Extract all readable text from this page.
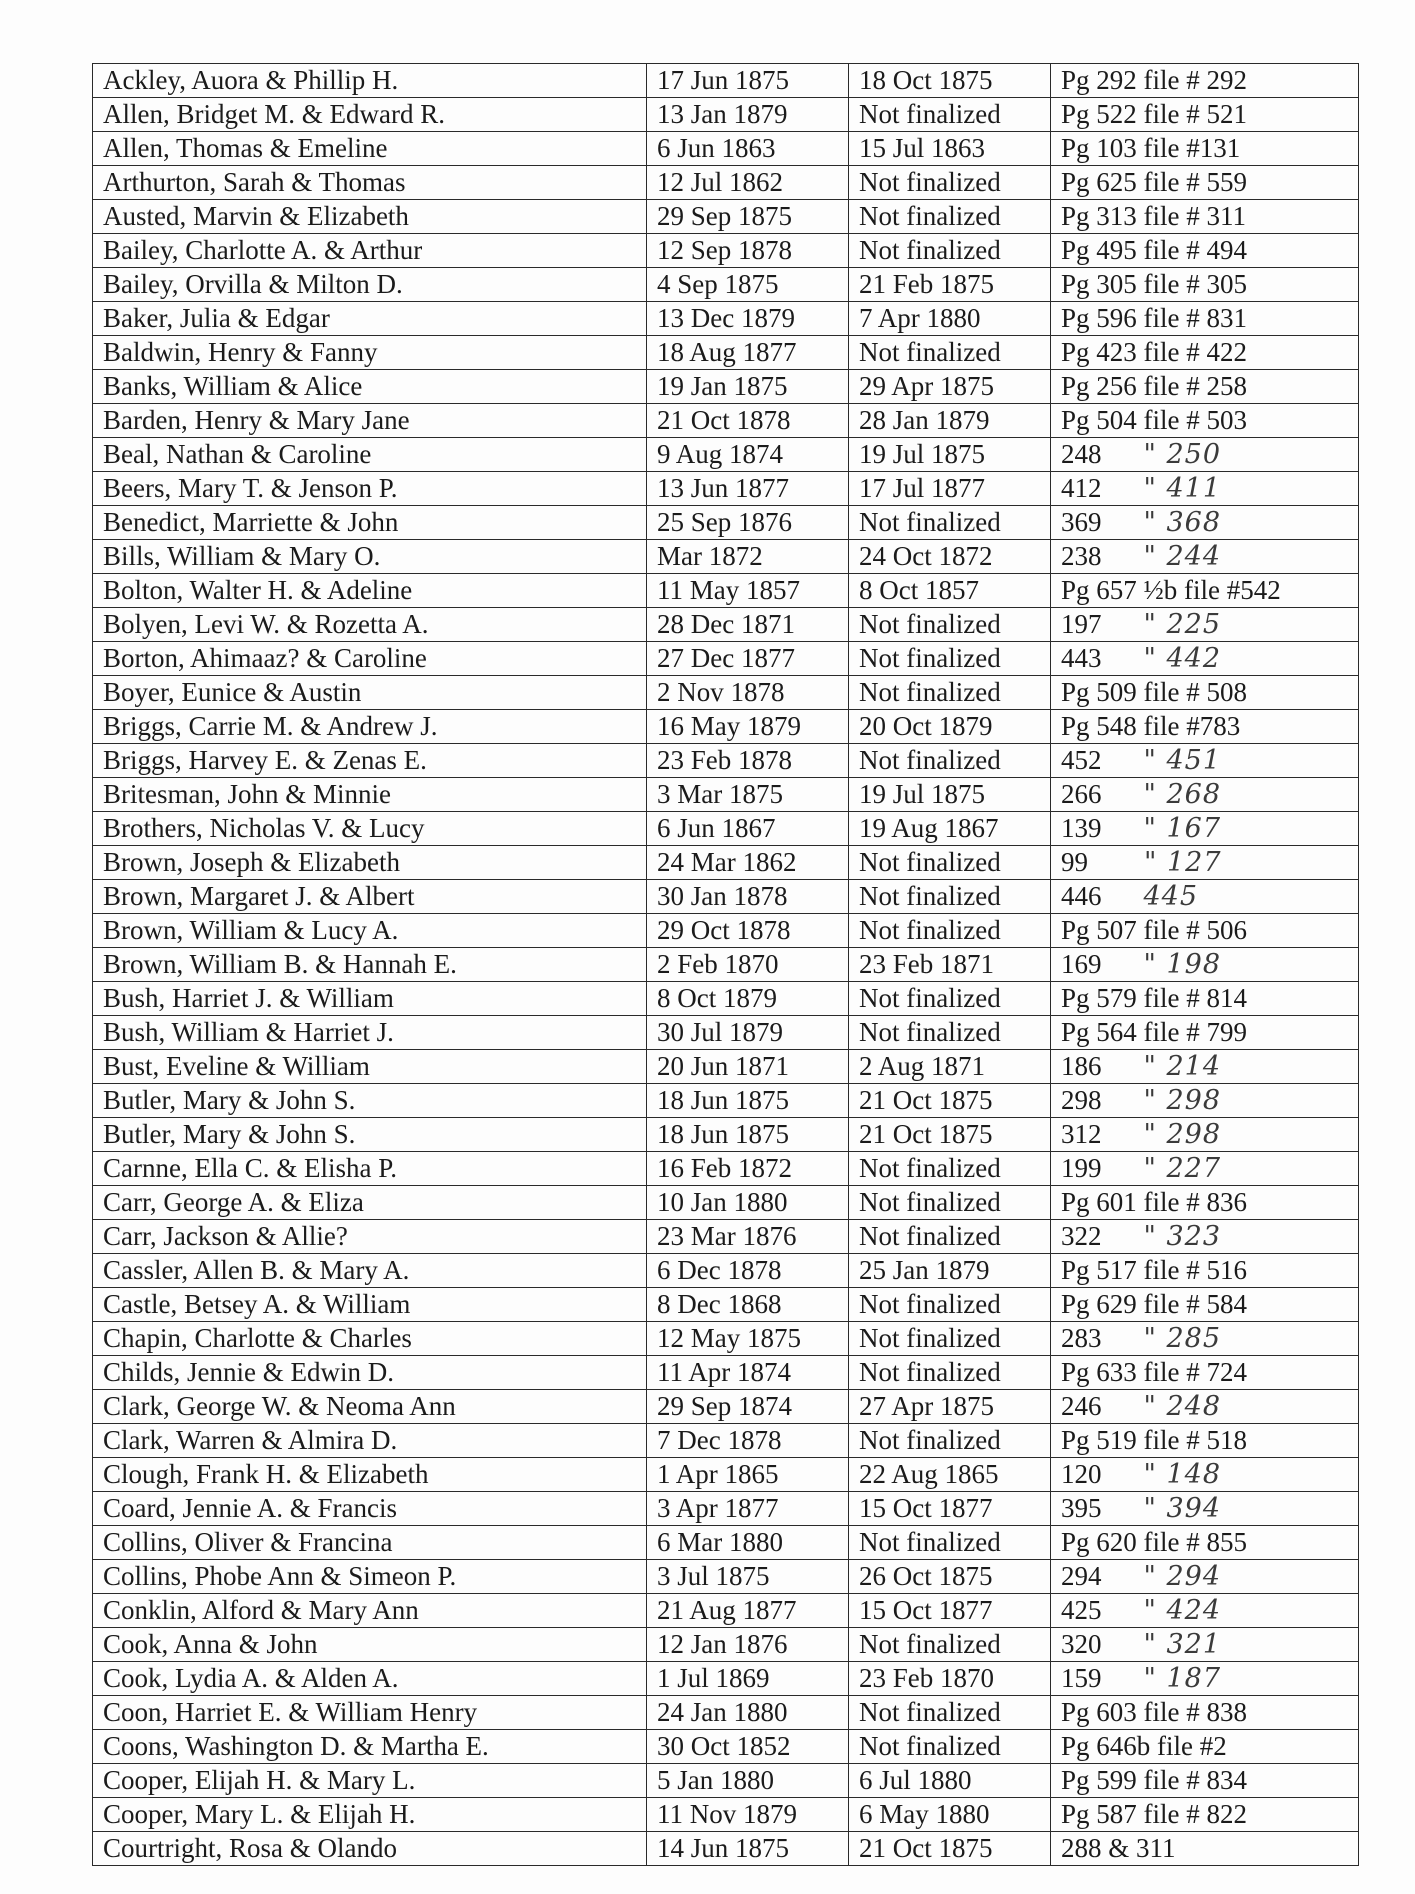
Ackley, Auora & Phillip H.	17 Jun 1875	18 Oct 1875	Pg 292 file # 292
Allen, Bridget M. & Edward R.	13 Jan 1879	Not finalized	Pg 522 file # 521
Allen, Thomas & Emeline	6 Jun 1863	15 Jul 1863	Pg 103 file #131
Arthurton, Sarah & Thomas	12 Jul 1862	Not finalized	Pg 625 file # 559
Austed, Marvin & Elizabeth	29 Sep 1875	Not finalized	Pg 313 file # 311
Bailey, Charlotte A. & Arthur	12 Sep 1878	Not finalized	Pg 495 file # 494
Bailey, Orvilla & Milton D.	4 Sep 1875	21 Feb 1875	Pg 305 file # 305
Baker, Julia & Edgar	13 Dec 1879	7 Apr 1880	Pg 596 file # 831
Baldwin, Henry & Fanny	18 Aug 1877	Not finalized	Pg 423 file # 422
Banks, William & Alice	19 Jan 1875	29 Apr 1875	Pg 256 file # 258
Barden, Henry & Mary Jane	21 Oct 1878	28 Jan 1879	Pg 504 file # 503
Beal, Nathan & Caroline	9 Aug 1874	19 Jul 1875	248 " 250
Beers, Mary T. & Jenson P.	13 Jun 1877	17 Jul 1877	412 " 411
Benedict, Marriette & John	25 Sep 1876	Not finalized	369 " 368
Bills, William & Mary O.	Mar 1872	24 Oct 1872	238 " 244
Bolton, Walter H. & Adeline	11 May 1857	8 Oct 1857	Pg 657 ½b file #542
Bolyen, Levi W. & Rozetta A.	28 Dec 1871	Not finalized	197 " 225
Borton, Ahimaaz? & Caroline	27 Dec 1877	Not finalized	443 " 442
Boyer, Eunice & Austin	2 Nov 1878	Not finalized	Pg 509 file # 508
Briggs, Carrie M. & Andrew J.	16 May 1879	20 Oct 1879	Pg 548 file #783
Briggs, Harvey E. & Zenas E.	23 Feb 1878	Not finalized	452 " 451
Britesman, John & Minnie	3 Mar 1875	19 Jul 1875	266 " 268
Brothers, Nicholas V. & Lucy	6 Jun 1867	19 Aug 1867	139 " 167
Brown, Joseph & Elizabeth	24 Mar 1862	Not finalized	99 " 127
Brown, Margaret J. & Albert	30 Jan 1878	Not finalized	446 445
Brown, William & Lucy A.	29 Oct 1878	Not finalized	Pg 507 file # 506
Brown, William B. & Hannah E.	2 Feb 1870	23 Feb 1871	169 " 198
Bush, Harriet J. & William	8 Oct 1879	Not finalized	Pg 579 file # 814
Bush, William & Harriet J.	30 Jul 1879	Not finalized	Pg 564 file # 799
Bust, Eveline & William	20 Jun 1871	2 Aug 1871	186 " 214
Butler, Mary & John S.	18 Jun 1875	21 Oct 1875	298 " 298
Butler, Mary & John S.	18 Jun 1875	21 Oct 1875	312 " 298
Carnne, Ella C. & Elisha P.	16 Feb 1872	Not finalized	199 " 227
Carr, George A. & Eliza	10 Jan 1880	Not finalized	Pg 601 file # 836
Carr, Jackson & Allie?	23 Mar 1876	Not finalized	322 " 323
Cassler, Allen B. & Mary A.	6 Dec 1878	25 Jan 1879	Pg 517 file # 516
Castle, Betsey A. & William	8 Dec 1868	Not finalized	Pg 629 file # 584
Chapin, Charlotte & Charles	12 May 1875	Not finalized	283 " 285
Childs, Jennie & Edwin D.	11 Apr 1874	Not finalized	Pg 633 file # 724
Clark, George W. & Neoma Ann	29 Sep 1874	27 Apr 1875	246 " 248
Clark, Warren & Almira D.	7 Dec 1878	Not finalized	Pg 519 file # 518
Clough, Frank H. & Elizabeth	1 Apr 1865	22 Aug 1865	120 " 148
Coard, Jennie A. & Francis	3 Apr 1877	15 Oct 1877	395 " 394
Collins, Oliver & Francina	6 Mar 1880	Not finalized	Pg 620 file # 855
Collins, Phobe Ann & Simeon P.	3 Jul 1875	26 Oct 1875	294 " 294
Conklin, Alford & Mary Ann	21 Aug 1877	15 Oct 1877	425 " 424
Cook, Anna & John	12 Jan 1876	Not finalized	320 " 321
Cook, Lydia A. & Alden A.	1 Jul 1869	23 Feb 1870	159 " 187
Coon, Harriet E. & William Henry	24 Jan 1880	Not finalized	Pg 603 file # 838
Coons, Washington D. & Martha E.	30 Oct 1852	Not finalized	Pg 646b file #2
Cooper, Elijah H. & Mary L.	5 Jan 1880	6 Jul 1880	Pg 599 file # 834
Cooper, Mary L. & Elijah H.	11 Nov 1879	6 May 1880	Pg 587 file # 822
Courtright, Rosa & Olando	14 Jun 1875	21 Oct 1875	288 & 311
